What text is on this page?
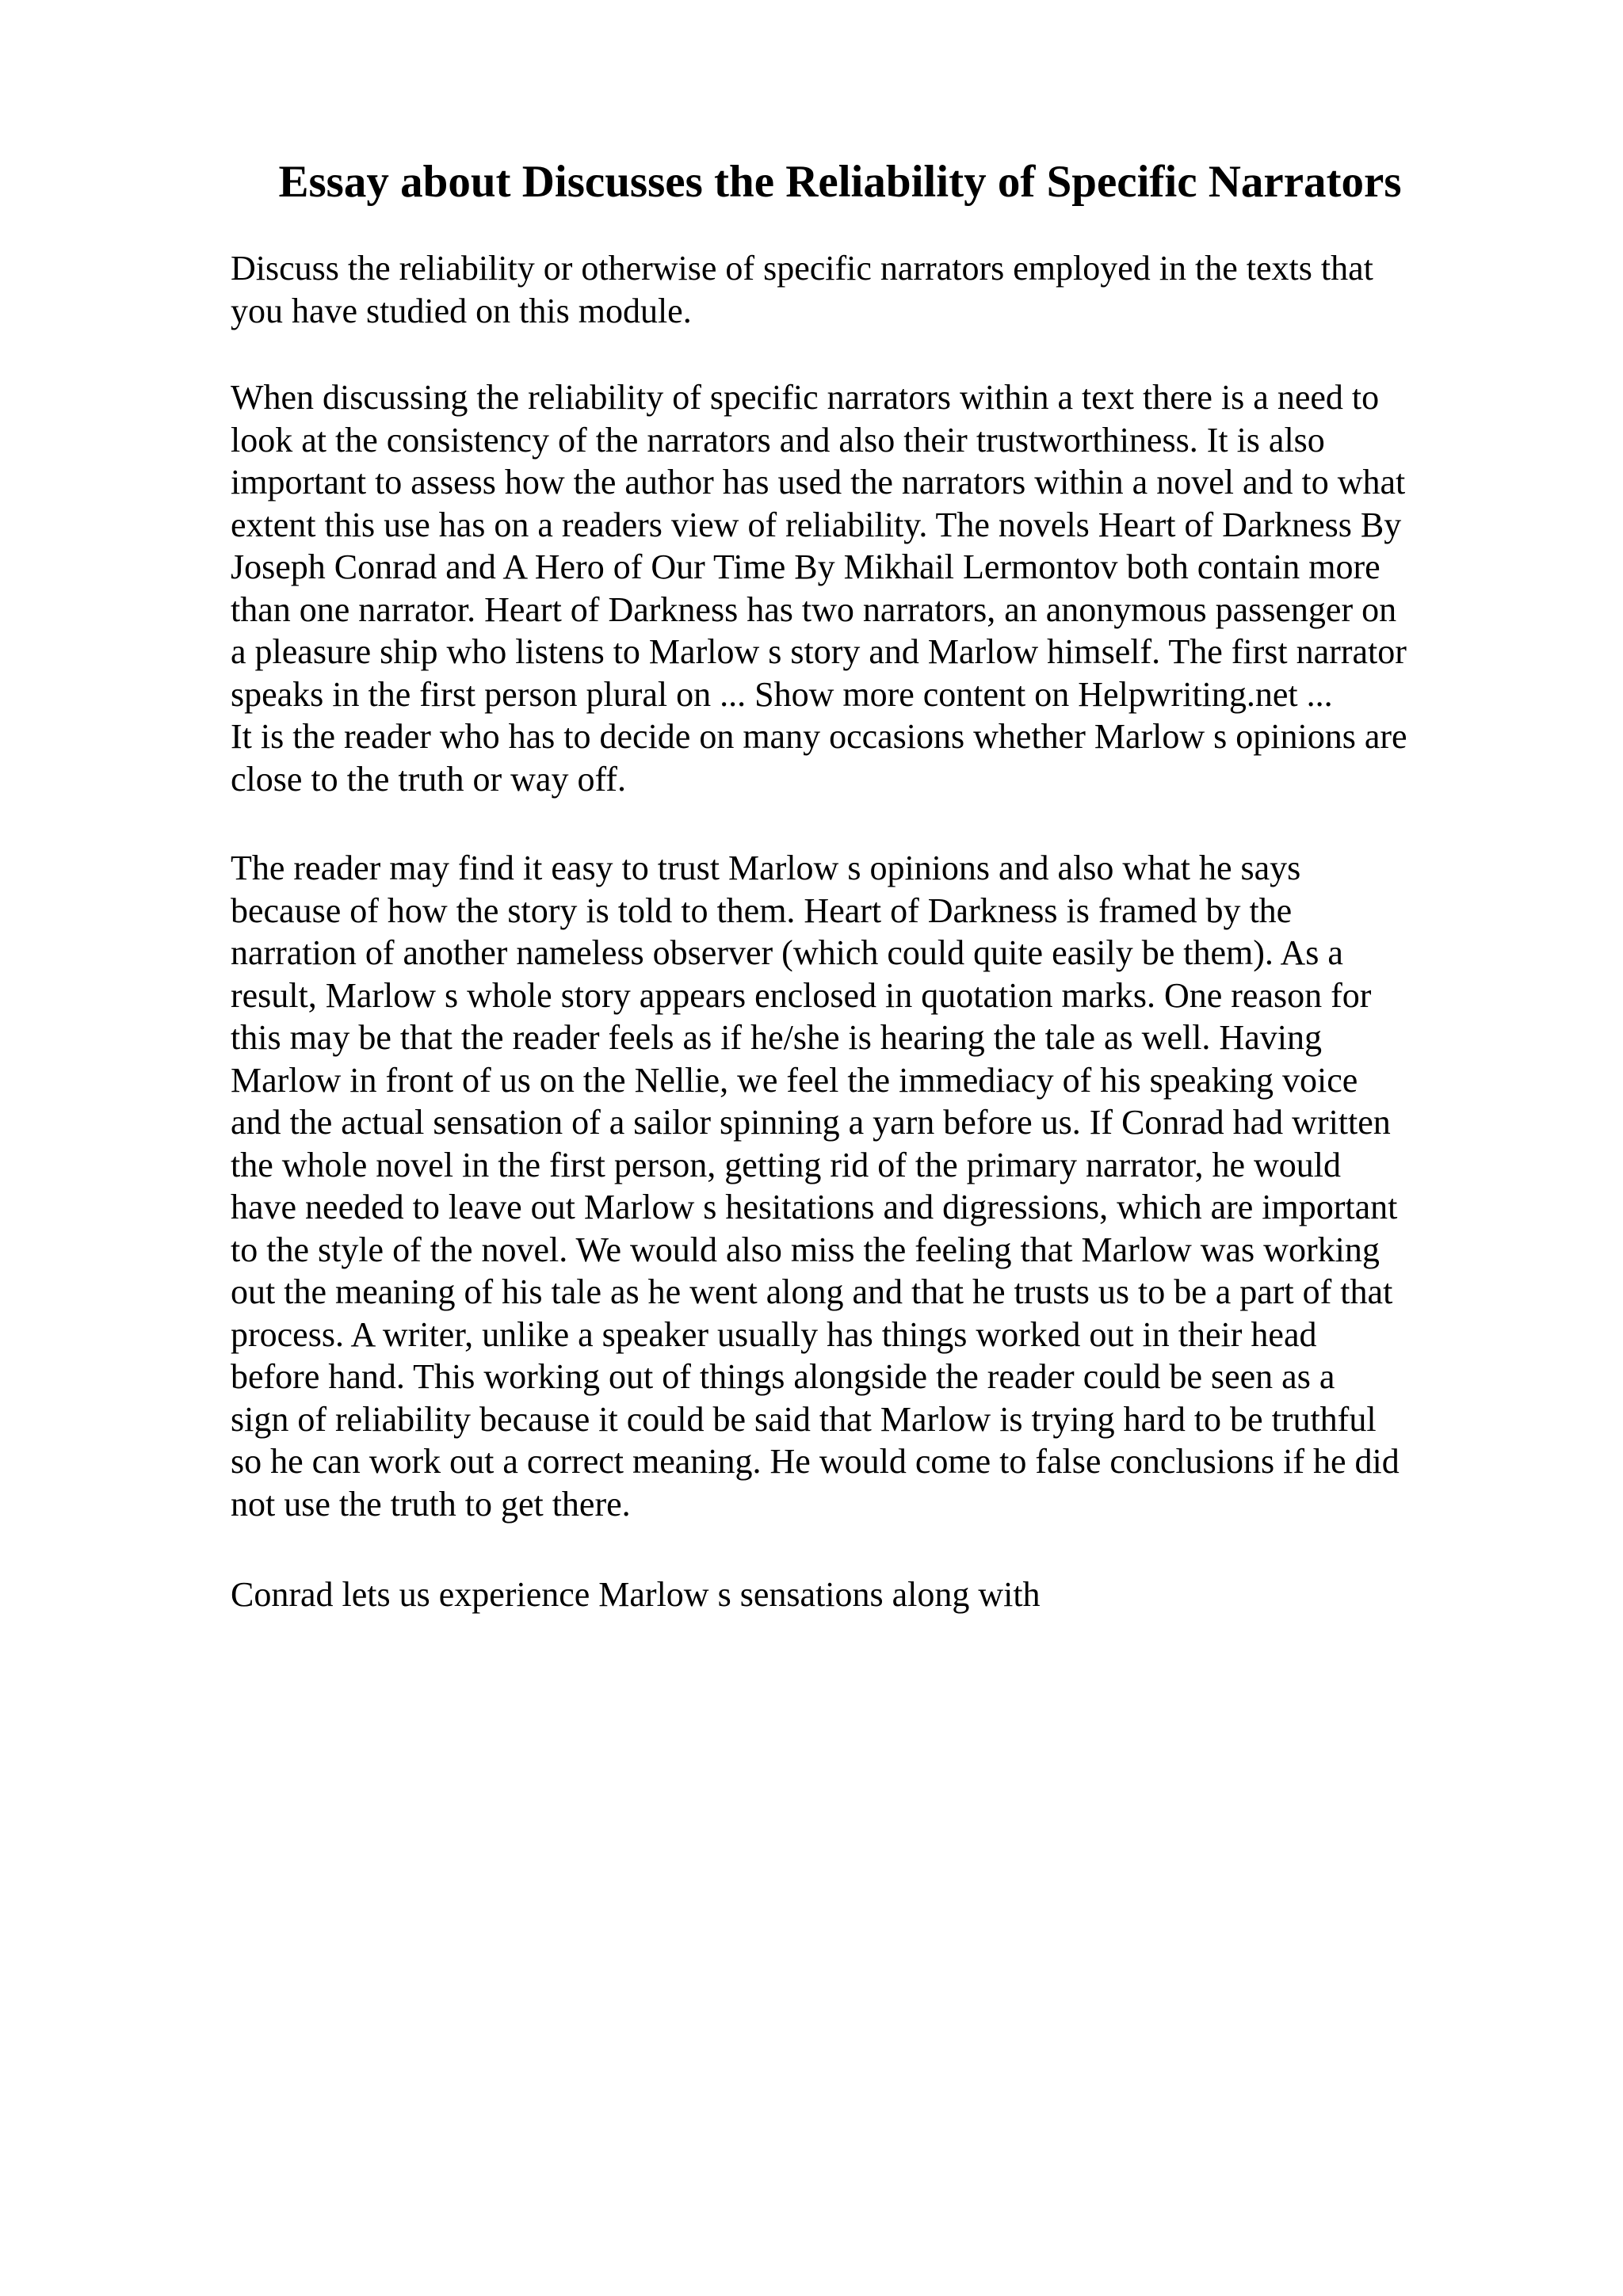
Essay about Discusses the Reliability of Specific Narrators

Discuss the reliability or otherwise of specific narrators employed in the texts that
you have studied on this module.

When discussing the reliability of specific narrators within a text there is a need to
look at the consistency of the narrators and also their trustworthiness. It is also
important to assess how the author has used the narrators within a novel and to what
extent this use has on a readers view of reliability. The novels Heart of Darkness By
Joseph Conrad and A Hero of Our Time By Mikhail Lermontov both contain more
than one narrator. Heart of Darkness has two narrators, an anonymous passenger on
a pleasure ship who listens to Marlow s story and Marlow himself. The first narrator
speaks in the first person plural on ... Show more content on Helpwriting.net ...
It is the reader who has to decide on many occasions whether Marlow s opinions are
close to the truth or way off.

The reader may find it easy to trust Marlow s opinions and also what he says
because of how the story is told to them. Heart of Darkness is framed by the
narration of another nameless observer (which could quite easily be them). As a
result, Marlow s whole story appears enclosed in quotation marks. One reason for
this may be that the reader feels as if he/she is hearing the tale as well. Having
Marlow in front of us on the Nellie, we feel the immediacy of his speaking voice
and the actual sensation of a sailor spinning a yarn before us. If Conrad had written
the whole novel in the first person, getting rid of the primary narrator, he would
have needed to leave out Marlow s hesitations and digressions, which are important
to the style of the novel. We would also miss the feeling that Marlow was working
out the meaning of his tale as he went along and that he trusts us to be a part of that
process. A writer, unlike a speaker usually has things worked out in their head
before hand. This working out of things alongside the reader could be seen as a
sign of reliability because it could be said that Marlow is trying hard to be truthful
so he can work out a correct meaning. He would come to false conclusions if he did
not use the truth to get there.

Conrad lets us experience Marlow s sensations along with
